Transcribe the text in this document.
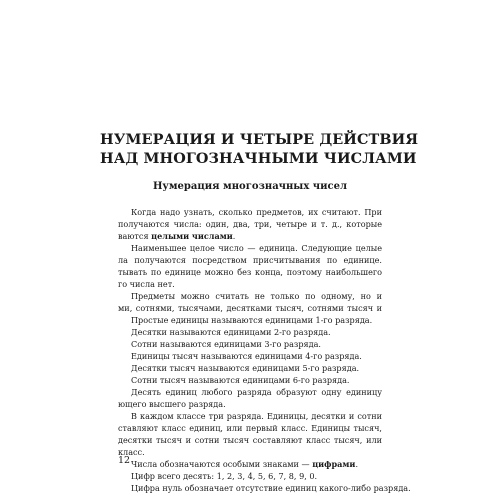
НУМЕРАЦИЯ И ЧЕТЫРЕ ДЕЙСТВИЯ
НАД МНОГОЗНАЧНЫМИ ЧИСЛАМИ
Нумерация многозначных чисел
Когда надо узнать, сколько предметов, их считают. При
получаются числа: один, два, три, четыре и т. д., которые
ваются целыми числами.
Наименьшее целое число — единица. Следующие целые
ла получаются посредством присчитывания по единице.
тывать по единице можно без конца, поэтому наибольшего
го числа нет.
Предметы можно считать не только по одному, но и
ми, сотнями, тысячами, десятками тысяч, сотнями тысяч и
Простые единицы называются единицами 1-го разряда.
Десятки называются единицами 2-го разряда.
Сотни называются единицами 3-го разряда.
Единицы тысяч называются единицами 4-го разряда.
Десятки тысяч называются единицами 5-го разряда.
Сотни тысяч называются единицами 6-го разряда.
Десять единиц любого разряда образуют одну единицу
ющего высшего разряда.
В каждом классе три разряда. Единицы, десятки и сотни
ставляют класс единиц, или первый класс. Единицы тысяч,
десятки тысяч и сотни тысяч составляют класс тысяч, или
класс.
Числа обозначаются особыми знаками — цифрами.
Цифр всего десять: 1, 2, 3, 4, 5, 6, 7, 8, 9, 0.
Цифра нуль обозначает отсутствие единиц какого-либо разряда.
12
